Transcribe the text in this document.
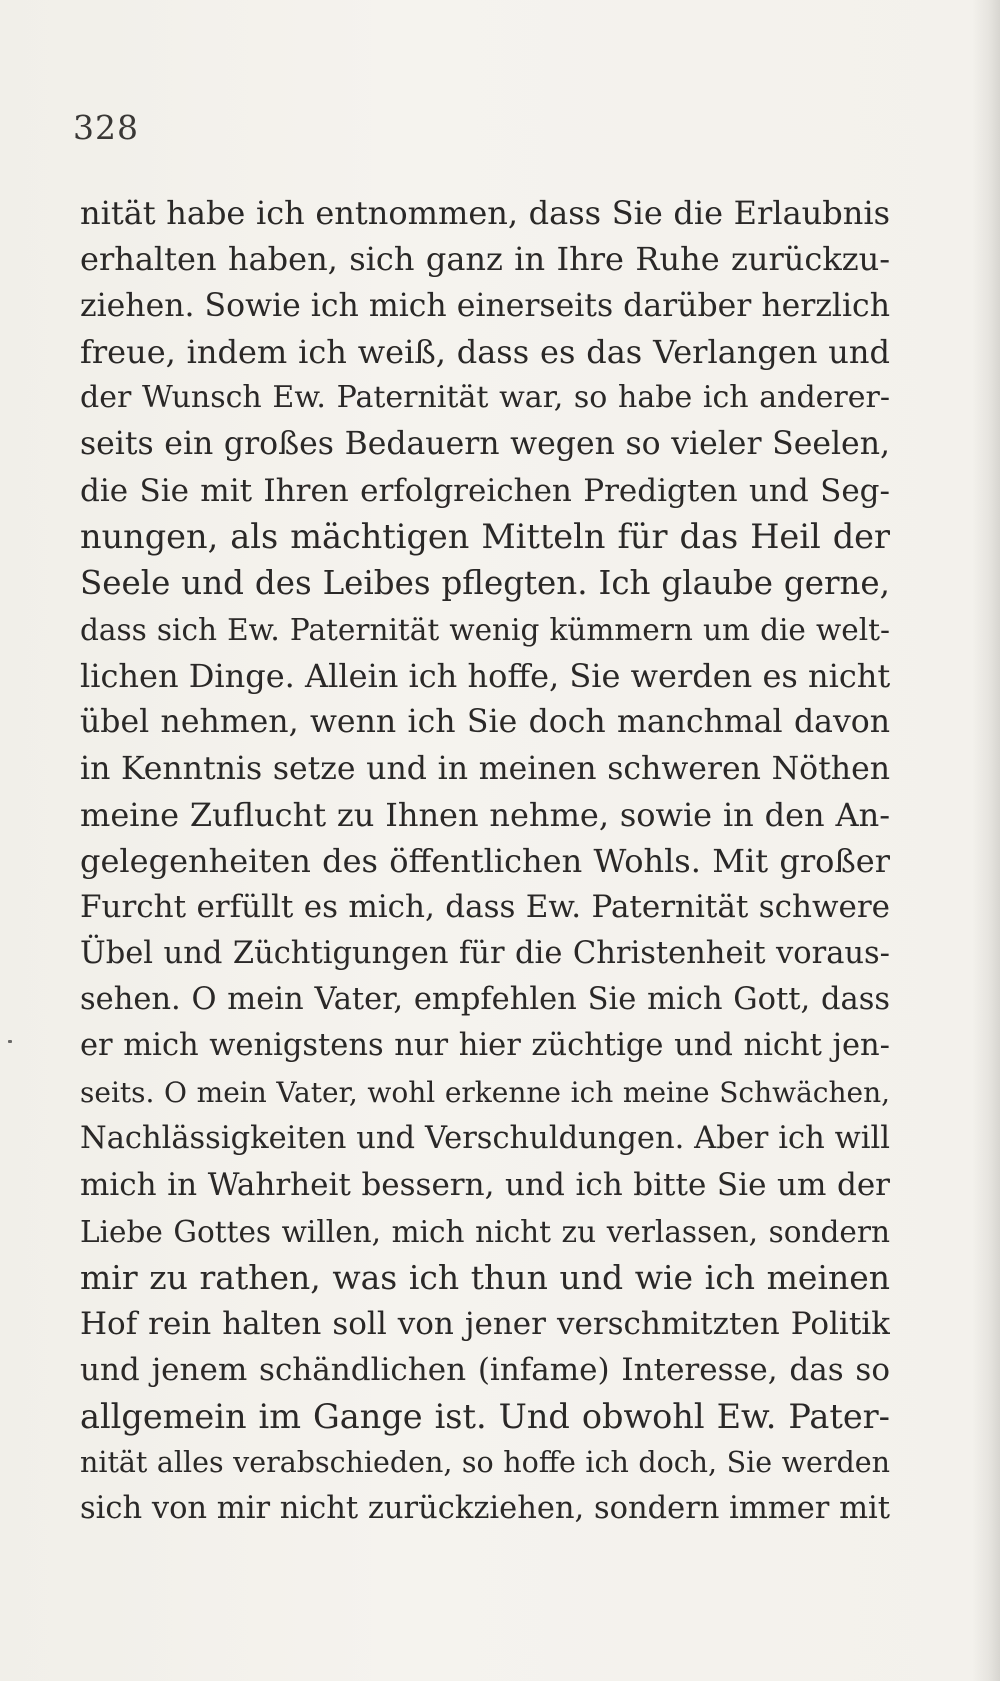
328
nität habe ich entnommen, dass Sie die Erlaubnis
erhalten haben, sich ganz in Ihre Ruhe zurückzu-
ziehen. Sowie ich mich einerseits darüber herzlich
freue, indem ich weiß, dass es das Verlangen und
der Wunsch Ew. Paternität war, so habe ich anderer-
seits ein großes Bedauern wegen so vieler Seelen,
die Sie mit Ihren erfolgreichen Predigten und Seg-
nungen, als mächtigen Mitteln für das Heil der
Seele und des Leibes pflegten. Ich glaube gerne,
dass sich Ew. Paternität wenig kümmern um die welt-
lichen Dinge. Allein ich hoffe, Sie werden es nicht
übel nehmen, wenn ich Sie doch manchmal davon
in Kenntnis setze und in meinen schweren Nöthen
meine Zuflucht zu Ihnen nehme, sowie in den An-
gelegenheiten des öffentlichen Wohls. Mit großer
Furcht erfüllt es mich, dass Ew. Paternität schwere
Übel und Züchtigungen für die Christenheit voraus-
sehen. O mein Vater, empfehlen Sie mich Gott, dass
er mich wenigstens nur hier züchtige und nicht jen-
seits. O mein Vater, wohl erkenne ich meine Schwächen,
Nachlässigkeiten und Verschuldungen. Aber ich will
mich in Wahrheit bessern, und ich bitte Sie um der
Liebe Gottes willen, mich nicht zu verlassen, sondern
mir zu rathen, was ich thun und wie ich meinen
Hof rein halten soll von jener verschmitzten Politik
und jenem schändlichen (infame) Interesse, das so
allgemein im Gange ist. Und obwohl Ew. Pater-
nität alles verabschieden, so hoffe ich doch, Sie werden
sich von mir nicht zurückziehen, sondern immer mit
